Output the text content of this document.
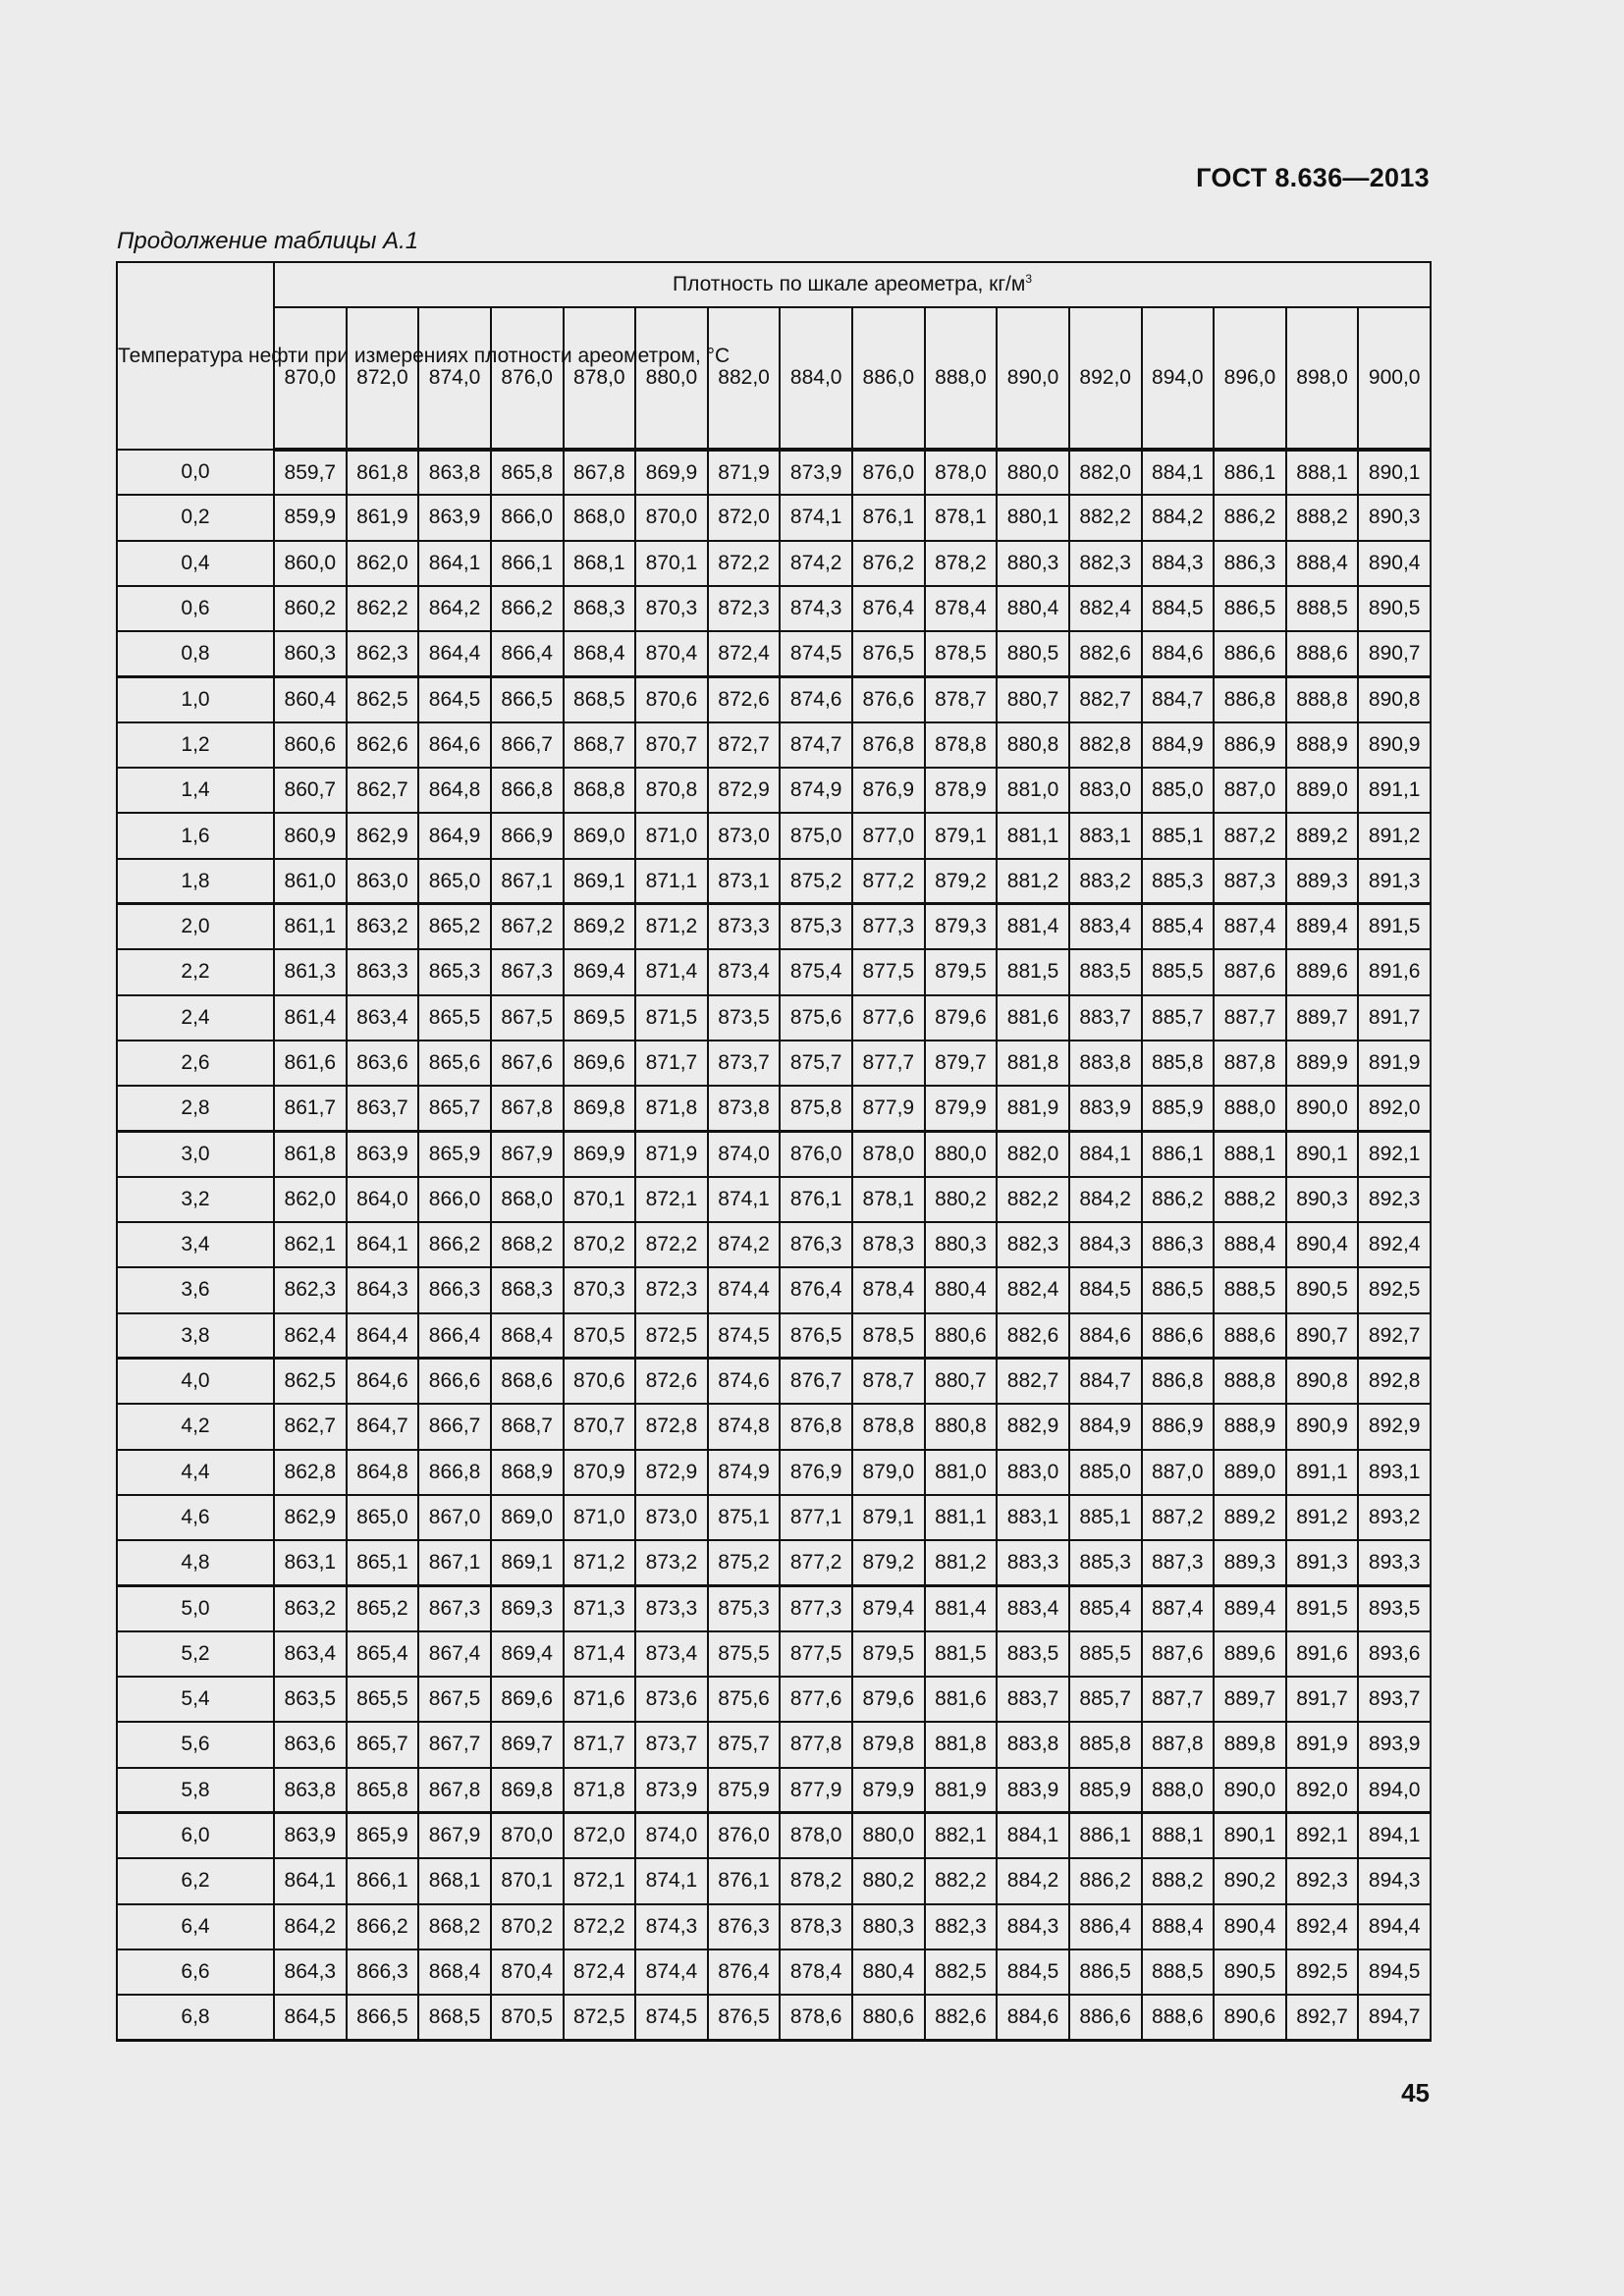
ГОСТ 8.636—2013
Продолжение таблицы А.1
Температура нефти при измерениях плотности ареометром, °С	Плотность по шкале ареометра, $кг/м^3$
	870,0	872,0	874,0	876,0	878,0	880,0	882,0	884,0	886,0	888,0	890,0	892,0	894,0	896,0	898,0	900,0
0,0	859,7	861,8	863,8	865,8	867,8	869,9	871,9	873,9	876,0	878,0	880,0	882,0	884,1	886,1	888,1	890,1
0,2	859,9	861,9	863,9	866,0	868,0	870,0	872,0	874,1	876,1	878,1	880,1	882,2	884,2	886,2	888,2	890,3
0,4	860,0	862,0	864,1	866,1	868,1	870,1	872,2	874,2	876,2	878,2	880,3	882,3	884,3	886,3	888,4	890,4
0,6	860,2	862,2	864,2	866,2	868,3	870,3	872,3	874,3	876,4	878,4	880,4	882,4	884,5	886,5	888,5	890,5
0,8	860,3	862,3	864,4	866,4	868,4	870,4	872,4	874,5	876,5	878,5	880,5	882,6	884,6	886,6	888,6	890,7
1,0	860,4	862,5	864,5	866,5	868,5	870,6	872,6	874,6	876,6	878,7	880,7	882,7	884,7	886,8	888,8	890,8
1,2	860,6	862,6	864,6	866,7	868,7	870,7	872,7	874,7	876,8	878,8	880,8	882,8	884,9	886,9	888,9	890,9
1,4	860,7	862,7	864,8	866,8	868,8	870,8	872,9	874,9	876,9	878,9	881,0	883,0	885,0	887,0	889,0	891,1
1,6	860,9	862,9	864,9	866,9	869,0	871,0	873,0	875,0	877,0	879,1	881,1	883,1	885,1	887,2	889,2	891,2
1,8	861,0	863,0	865,0	867,1	869,1	871,1	873,1	875,2	877,2	879,2	881,2	883,2	885,3	887,3	889,3	891,3
2,0	861,1	863,2	865,2	867,2	869,2	871,2	873,3	875,3	877,3	879,3	881,4	883,4	885,4	887,4	889,4	891,5
2,2	861,3	863,3	865,3	867,3	869,4	871,4	873,4	875,4	877,5	879,5	881,5	883,5	885,5	887,6	889,6	891,6
2,4	861,4	863,4	865,5	867,5	869,5	871,5	873,5	875,6	877,6	879,6	881,6	883,7	885,7	887,7	889,7	891,7
2,6	861,6	863,6	865,6	867,6	869,6	871,7	873,7	875,7	877,7	879,7	881,8	883,8	885,8	887,8	889,9	891,9
2,8	861,7	863,7	865,7	867,8	869,8	871,8	873,8	875,8	877,9	879,9	881,9	883,9	885,9	888,0	890,0	892,0
3,0	861,8	863,9	865,9	867,9	869,9	871,9	874,0	876,0	878,0	880,0	882,0	884,1	886,1	888,1	890,1	892,1
3,2	862,0	864,0	866,0	868,0	870,1	872,1	874,1	876,1	878,1	880,2	882,2	884,2	886,2	888,2	890,3	892,3
3,4	862,1	864,1	866,2	868,2	870,2	872,2	874,2	876,3	878,3	880,3	882,3	884,3	886,3	888,4	890,4	892,4
3,6	862,3	864,3	866,3	868,3	870,3	872,3	874,4	876,4	878,4	880,4	882,4	884,5	886,5	888,5	890,5	892,5
3,8	862,4	864,4	866,4	868,4	870,5	872,5	874,5	876,5	878,5	880,6	882,6	884,6	886,6	888,6	890,7	892,7
4,0	862,5	864,6	866,6	868,6	870,6	872,6	874,6	876,7	878,7	880,7	882,7	884,7	886,8	888,8	890,8	892,8
4,2	862,7	864,7	866,7	868,7	870,7	872,8	874,8	876,8	878,8	880,8	882,9	884,9	886,9	888,9	890,9	892,9
4,4	862,8	864,8	866,8	868,9	870,9	872,9	874,9	876,9	879,0	881,0	883,0	885,0	887,0	889,0	891,1	893,1
4,6	862,9	865,0	867,0	869,0	871,0	873,0	875,1	877,1	879,1	881,1	883,1	885,1	887,2	889,2	891,2	893,2
4,8	863,1	865,1	867,1	869,1	871,2	873,2	875,2	877,2	879,2	881,2	883,3	885,3	887,3	889,3	891,3	893,3
5,0	863,2	865,2	867,3	869,3	871,3	873,3	875,3	877,3	879,4	881,4	883,4	885,4	887,4	889,4	891,5	893,5
5,2	863,4	865,4	867,4	869,4	871,4	873,4	875,5	877,5	879,5	881,5	883,5	885,5	887,6	889,6	891,6	893,6
5,4	863,5	865,5	867,5	869,6	871,6	873,6	875,6	877,6	879,6	881,6	883,7	885,7	887,7	889,7	891,7	893,7
5,6	863,6	865,7	867,7	869,7	871,7	873,7	875,7	877,8	879,8	881,8	883,8	885,8	887,8	889,8	891,9	893,9
5,8	863,8	865,8	867,8	869,8	871,8	873,9	875,9	877,9	879,9	881,9	883,9	885,9	888,0	890,0	892,0	894,0
6,0	863,9	865,9	867,9	870,0	872,0	874,0	876,0	878,0	880,0	882,1	884,1	886,1	888,1	890,1	892,1	894,1
6,2	864,1	866,1	868,1	870,1	872,1	874,1	876,1	878,2	880,2	882,2	884,2	886,2	888,2	890,2	892,3	894,3
6,4	864,2	866,2	868,2	870,2	872,2	874,3	876,3	878,3	880,3	882,3	884,3	886,4	888,4	890,4	892,4	894,4
6,6	864,3	866,3	868,4	870,4	872,4	874,4	876,4	878,4	880,4	882,5	884,5	886,5	888,5	890,5	892,5	894,5
6,8	864,5	866,5	868,5	870,5	872,5	874,5	876,5	878,6	880,6	882,6	884,6	886,6	888,6	890,6	892,7	894,7
45
